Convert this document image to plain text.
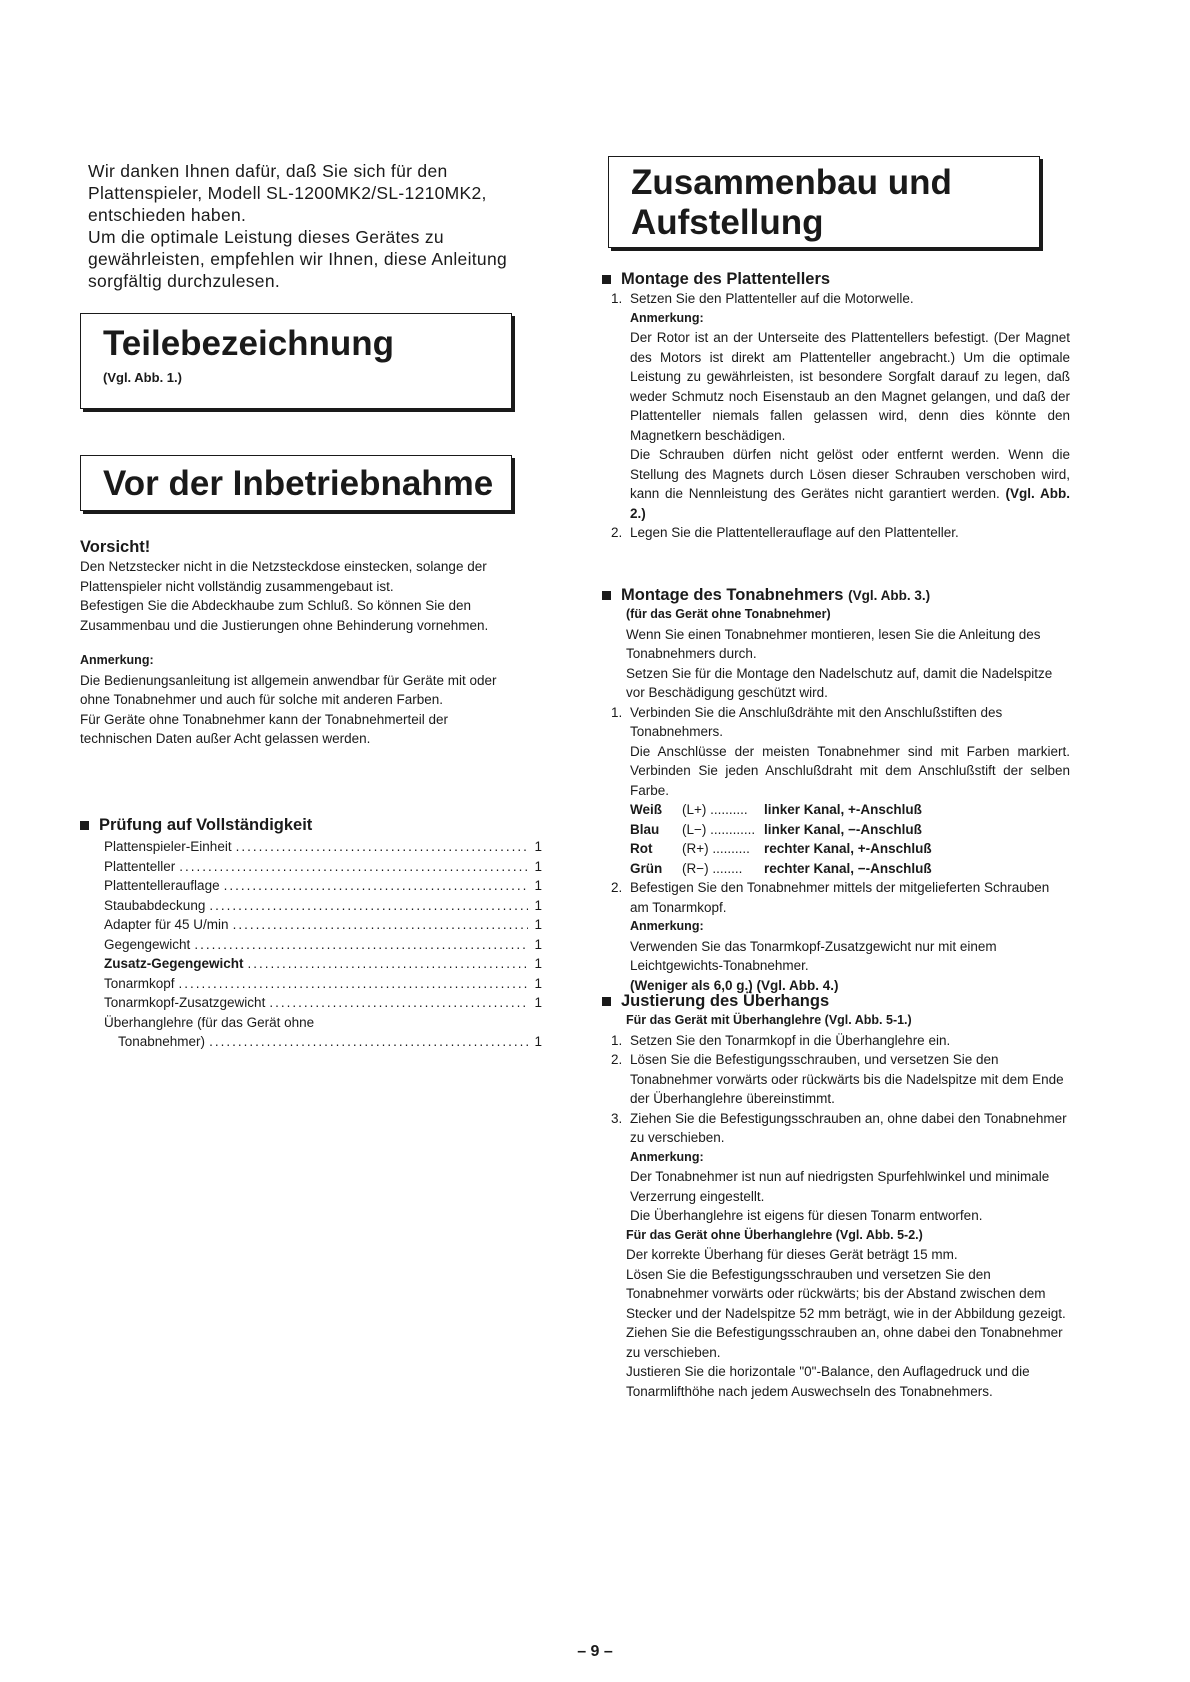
Wir danken Ihnen dafür, daß Sie sich für den Plattenspieler, Modell SL-1200MK2/SL-1210MK2, entschieden haben.

Um die optimale Leistung dieses Gerätes zu gewährleisten, empfehlen wir Ihnen, diese Anleitung sorgfältig durchzulesen.

Teilebezeichnung
(Vgl. Abb. 1.)
Vor der Inbetriebnahme
Vorsicht!

Den Netzstecker nicht in die Netzsteckdose einstecken, solange der Plattenspieler nicht vollständig zusammengebaut ist.

Befestigen Sie die Abdeckhaube zum Schluß. So können Sie den Zusammenbau und die Justierungen ohne Behinderung vornehmen.

Anmerkung:

Die Bedienungsanleitung ist allgemein anwendbar für Geräte mit oder ohne Tonabnehmer und auch für solche mit anderen Farben.

Für Geräte ohne Tonabnehmer kann der Tonabnehmerteil der technischen Daten außer Acht gelassen werden.

Prüfung auf Vollständigkeit
Plattenspieler-Einheit .....	1
Plattenteller .....	1
Plattentellerauflage .....	1
Staubabdeckung .....	1
Adapter für 45 U/min .....	1
Gegengewicht .....	1
Zusatz-Gegengewicht .....	1
Tonarmkopf .....	1
Tonarmkopf-Zusatzgewicht .....	1
Überhanglehre (für das Gerät ohne
Tonabnehmer) .....	1
Zusammenbau und
Aufstellung
Montage des Plattentellers
1. Setzen Sie den Plattenteller auf die Motorwelle.
Anmerkung:

Der Rotor ist an der Unterseite des Plattentellers befestigt. (Der Magnet des Motors ist direkt am Plattenteller angebracht.) Um die optimale Leistung zu gewährleisten, ist besondere Sorgfalt darauf zu legen, daß weder Schmutz noch Eisenstaub an den Magnet gelangen, und daß der Plattenteller niemals fallen gelassen wird, denn dies könnte den Magnetkern beschädigen.

Die Schrauben dürfen nicht gelöst oder entfernt werden. Wenn die Stellung des Magnets durch Lösen dieser Schrauben verschoben wird, kann die Nennleistung des Gerätes nicht garantiert werden. (Vgl. Abb. 2.)

2. Legen Sie die Plattentellerauflage auf den Plattenteller.
Montage des Tonabnehmers
(Vgl. Abb. 3.)
(für das Gerät ohne Tonabnehmer)

Wenn Sie einen Tonabnehmer montieren, lesen Sie die Anleitung des Tonabnehmers durch.

Setzen Sie für die Montage den Nadelschutz auf, damit die Nadelspitze vor Beschädigung geschützt wird.

1. Verbinden Sie die Anschlußdrähte mit den Anschlußstiften des Tonabnehmers.

Die Anschlüsse der meisten Tonabnehmer sind mit Farben markiert. Verbinden Sie jeden Anschlußdraht mit dem Anschlußstift der selben Farbe.

Weiß	(L+) ..........	linker Kanal, +-Anschluß
Blau	(L−) ............ linker Kanal, −-Anschluß
Rot	(R+) ..........	rechter Kanal, +-Anschluß
Grün	(R−) ........	rechter Kanal, −-Anschluß
2. Befestigen Sie den Tonabnehmer mittels der mitgelieferten Schrauben am Tonarmkopf.
Anmerkung:

Verwenden Sie das Tonarmkopf-Zusatzgewicht nur mit einem Leichtgewichts-Tonabnehmer.

(Weniger als 6,0 g.) (Vgl. Abb. 4.)

Justierung des Überhangs
Für das Gerät mit Überhanglehre (Vgl. Abb. 5-1.)
1. Setzen Sie den Tonarmkopf in die Überhanglehre ein.
2. Lösen Sie die Befestigungsschrauben, und versetzen Sie den Tonabnehmer vorwärts oder rückwärts bis die Nadelspitze mit dem Ende der Überhanglehre übereinstimmt.
3. Ziehen Sie die Befestigungsschrauben an, ohne dabei den Tonabnehmer zu verschieben.
Anmerkung:

Der Tonabnehmer ist nun auf niedrigsten Spurfehlwinkel und minimale Verzerrung eingestellt.

Die Überhanglehre ist eigens für diesen Tonarm entworfen.

Für das Gerät ohne Überhanglehre (Vgl. Abb. 5-2.)

Der korrekte Überhang für dieses Gerät beträgt 15 mm.

Lösen Sie die Befestigungsschrauben und versetzen Sie den Tonabnehmer vorwärts oder rückwärts; bis der Abstand zwischen dem Stecker und der Nadelspitze 52 mm beträgt, wie in der Abbildung gezeigt.

Ziehen Sie die Befestigungsschrauben an, ohne dabei den Tonabnehmer zu verschieben.

Justieren Sie die horizontale "0"-Balance, den Auflagedruck und die Tonarmlifthöhe nach jedem Auswechseln des Tonabnehmers.

– 9 –
